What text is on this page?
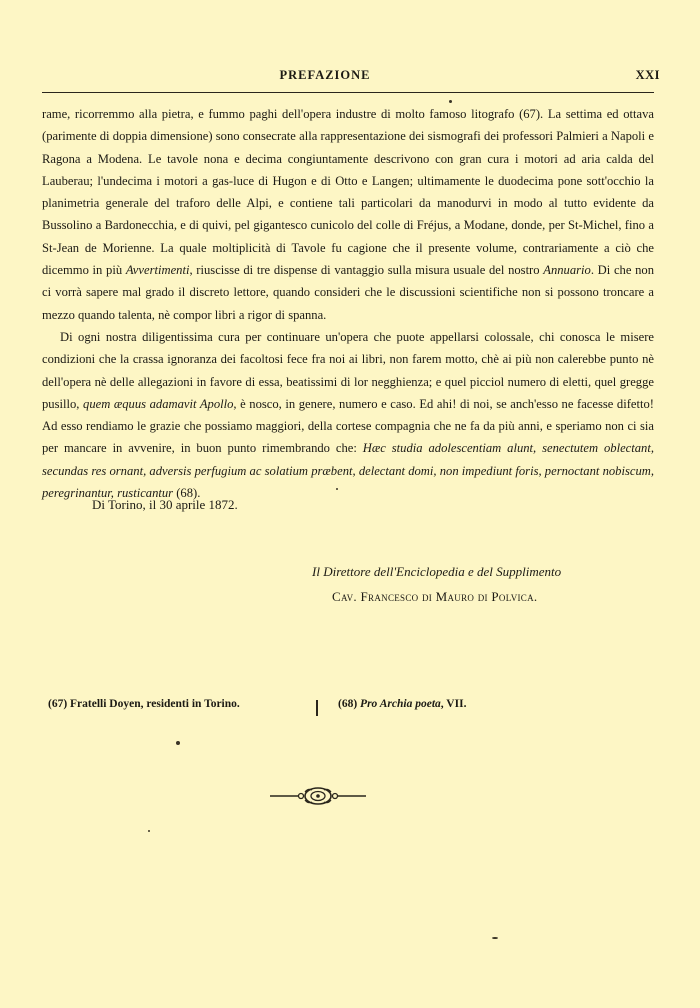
PREFAZIONE	XXI

rame, ricorremmo alla pietra, e fummo paghi dell'opera industre di molto famoso litografo (67). La settima ed ottava (parimente di doppia dimensione) sono consecrate alla rappresentazione dei sismografi dei professori Palmieri a Napoli e Ragona a Modena. Le tavole nona e decima congiuntamente descrivono con gran cura i motori ad aria calda del Lauberau; l'undecima i motori a gas-luce di Hugon e di Otto e Langen; ultimamente le duodecima pone sott'occhio la planimetria generale del traforo delle Alpi, e contiene tali particolari da manodurvi in modo al tutto evidente da Bussolino a Bardonecchia, e di quivi, pel gigantesco cunicolo del colle di Fréjus, a Modane, donde, per St-Michel, fino a St-Jean de Morienne. La quale moltiplicità di Tavole fu cagione che il presente volume, contrariamente a ciò che dicemmo in più Avvertimenti, riuscisse di tre dispense di vantaggio sulla misura usuale del nostro Annuario. Di che non ci vorrà sapere mal grado il discreto lettore, quando consideri che le discussioni scientifiche non si possono troncare a mezzo quando talenta, nè compor libri a rigor di spanna.

Di ogni nostra diligentissima cura per continuare un'opera che puote appellarsi colossale, chi conosca le misere condizioni che la crassa ignoranza dei facoltosi fece fra noi ai libri, non farem motto, chè ai più non calerebbe punto nè dell'opera nè delle allegazioni in favore di essa, beatissimi di lor negghienza; e quel picciol numero di eletti, quel gregge pusillo, quem æquus adamavit Apollo, è nosco, in genere, numero e caso. Ed ahi! di noi, se anch'esso ne facesse difetto! Ad esso rendiamo le grazie che possiamo maggiori, della cortese compagnia che ne fa da più anni, e speriamo non ci sia per mancare in avvenire, in buon punto rimembrando che: Hæc studia adolescentiam alunt, senectutem oblectant, secundas res ornant, adversis perfugium ac solatium præbent, delectant domi, non impediunt foris, pernoctant nobiscum, peregrinantur, rusticantur (68).

Di Torino, il 30 aprile 1872.
Il Direttore dell'Enciclopedia e del Supplimento
Cav. Francesco di Mauro di Polvica.
(67) Fratelli Doyen, residenti in Torino.	(68) Pro Archia poeta, VII.
